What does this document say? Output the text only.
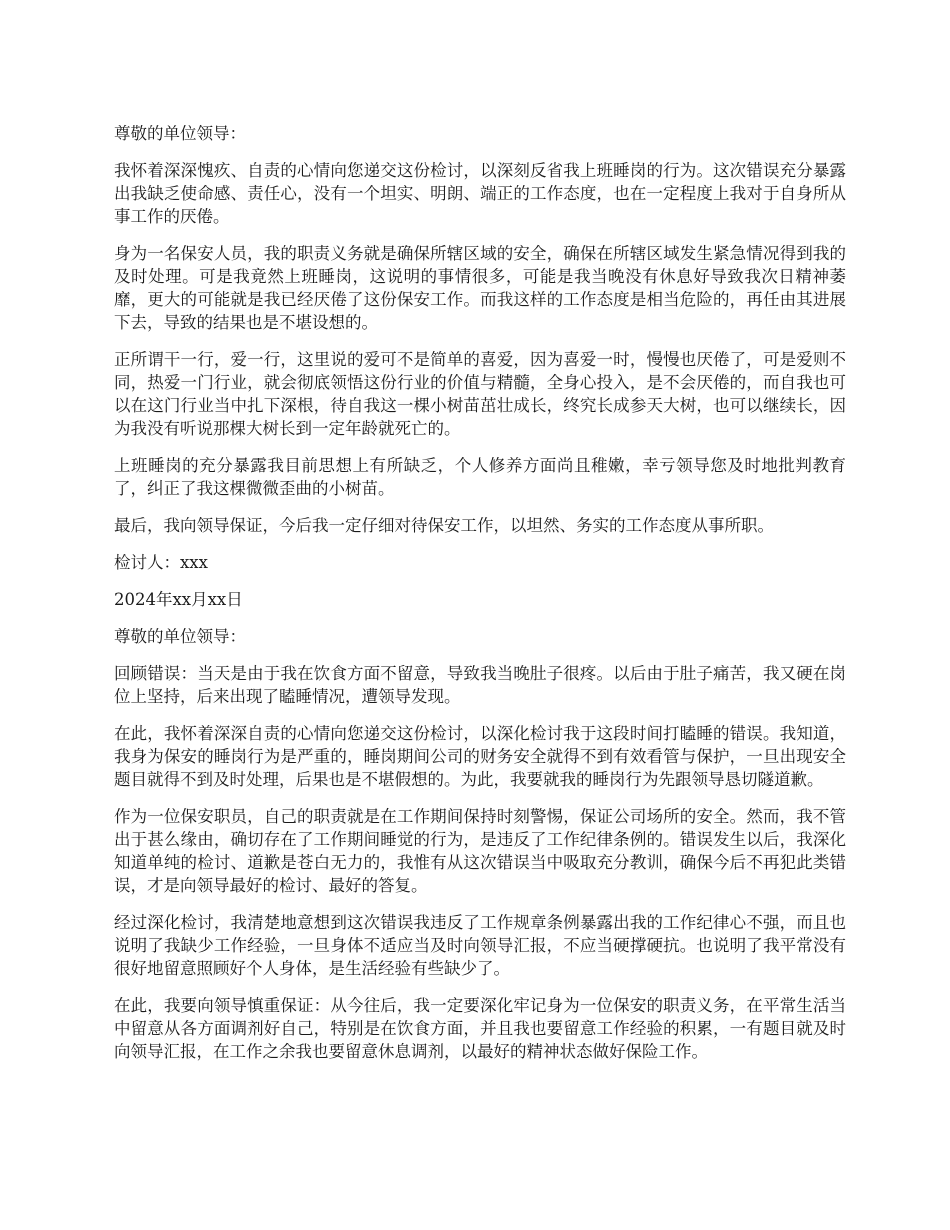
尊敬的单位领导：

我怀着深深愧疚、自责的心情向您递交这份检讨，以深刻反省我上班睡岗的行为。这次错误充分暴露出我缺乏使命感、责任心，没有一个坦实、明朗、端正的工作态度，也在一定程度上我对于自身所从事工作的厌倦。

身为一名保安人员，我的职责义务就是确保所辖区域的安全，确保在所辖区域发生紧急情况得到我的及时处理。可是我竟然上班睡岗，这说明的事情很多，可能是我当晚没有休息好导致我次日精神萎靡，更大的可能就是我已经厌倦了这份保安工作。而我这样的工作态度是相当危险的，再任由其进展下去，导致的结果也是不堪设想的。

正所谓干一行，爱一行，这里说的爱可不是简单的喜爱，因为喜爱一时，慢慢也厌倦了，可是爱则不同，热爱一门行业，就会彻底领悟这份行业的价值与精髓，全身心投入，是不会厌倦的，而自我也可以在这门行业当中扎下深根，待自我这一棵小树苗茁壮成长，终究长成参天大树，也可以继续长，因为我没有听说那棵大树长到一定年龄就死亡的。

上班睡岗的充分暴露我目前思想上有所缺乏，个人修养方面尚且稚嫩，幸亏领导您及时地批判教育了，纠正了我这棵微微歪曲的小树苗。

最后，我向领导保证，今后我一定仔细对待保安工作，以坦然、务实的工作态度从事所职。

检讨人：xxx

2024年xx月xx日

尊敬的单位领导：

回顾错误：当天是由于我在饮食方面不留意，导致我当晚肚子很疼。以后由于肚子痛苦，我又硬在岗位上坚持，后来出现了瞌睡情况，遭领导发现。

在此，我怀着深深自责的心情向您递交这份检讨，以深化检讨我于这段时间打瞌睡的错误。我知道，我身为保安的睡岗行为是严重的，睡岗期间公司的财务安全就得不到有效看管与保护，一旦出现安全题目就得不到及时处理，后果也是不堪假想的。为此，我要就我的睡岗行为先跟领导恳切隧道歉。

作为一位保安职员，自己的职责就是在工作期间保持时刻警惕，保证公司场所的安全。然而，我不管出于甚么缘由，确切存在了工作期间睡觉的行为，是违反了工作纪律条例的。错误发生以后，我深化知道单纯的检讨、道歉是苍白无力的，我惟有从这次错误当中吸取充分教训，确保今后不再犯此类错误，才是向领导最好的检讨、最好的答复。

经过深化检讨，我清楚地意想到这次错误我违反了工作规章条例暴露出我的工作纪律心不强，而且也说明了我缺少工作经验，一旦身体不适应当及时向领导汇报，不应当硬撑硬抗。也说明了我平常没有很好地留意照顾好个人身体，是生活经验有些缺少了。

在此，我要向领导慎重保证：从今往后，我一定要深化牢记身为一位保安的职责义务，在平常生活当中留意从各方面调剂好自己，特别是在饮食方面，并且我也要留意工作经验的积累，一有题目就及时向领导汇报，在工作之余我也要留意休息调剂，以最好的精神状态做好保险工作。
